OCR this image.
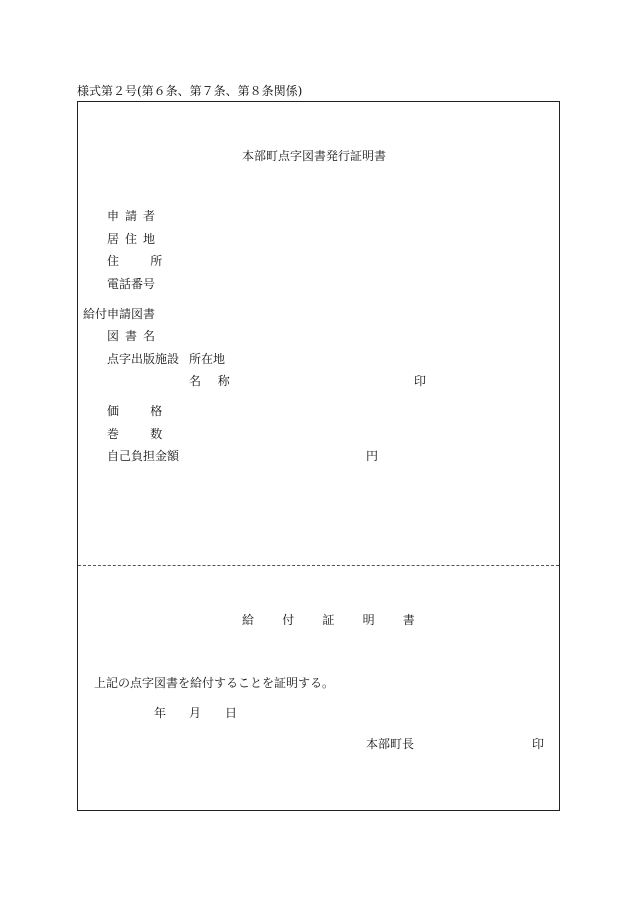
様式第２号(第６条、第７条、第８条関係)
本部町点字図書発行証明書
申請者
居住地
住所
電話番号
給付申請図書
図書名
点字出版施設 所在地
名称	印
価格
巻数
自己負担金額	円
給付証明書
上記の点字図書を給付することを証明する。
年 月 日
本部町長	印
